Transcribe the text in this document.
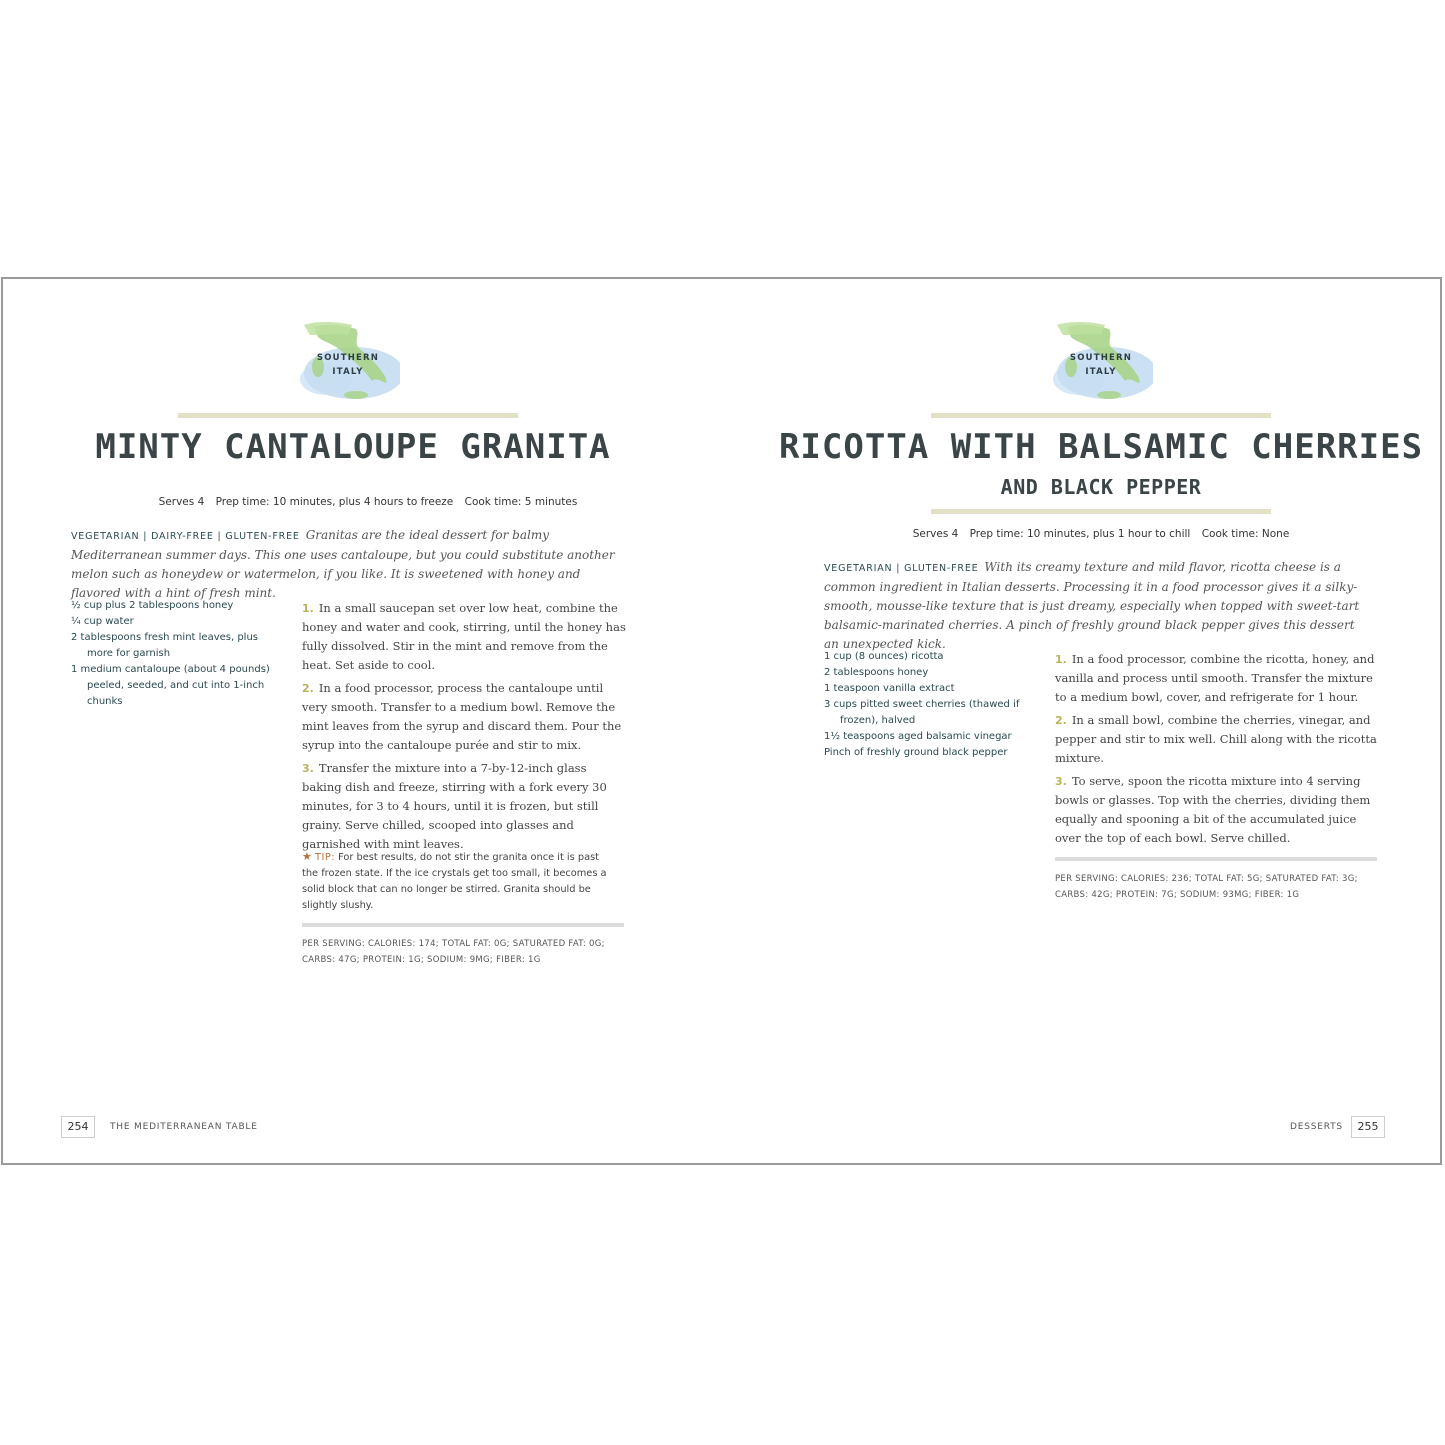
SOUTHERN
ITALY
MINTY CANTALOUPE GRANITA
Serves 4 Prep time: 10 minutes, plus 4 hours to freeze Cook time: 5 minutes
VEGETARIAN | DAIRY-FREE | GLUTEN-FREE Granitas are the ideal dessert for balmy Mediterranean summer days. This one uses cantaloupe, but you could substitute another melon such as honeydew or watermelon, if you like. It is sweetened with honey and flavored with a hint of fresh mint.
½ cup plus 2 tablespoons honey
¼ cup water
2 tablespoons fresh mint leaves, plus more for garnish
1 medium cantaloupe (about 4 pounds) peeled, seeded, and cut into 1-inch chunks
1. In a small saucepan set over low heat, combine the honey and water and cook, stirring, until the honey has fully dissolved. Stir in the mint and remove from the heat. Set aside to cool.
2. In a food processor, process the cantaloupe until very smooth. Transfer to a medium bowl. Remove the mint leaves from the syrup and discard them. Pour the syrup into the cantaloupe purée and stir to mix.
3. Transfer the mixture into a 7-by-12-inch glass baking dish and freeze, stirring with a fork every 30 minutes, for 3 to 4 hours, until it is frozen, but still grainy. Serve chilled, scooped into glasses and garnished with mint leaves.
★ TIP: For best results, do not stir the granita once it is past the frozen state. If the ice crystals get too small, it becomes a solid block that can no longer be stirred. Granita should be slightly slushy.
PER SERVING: CALORIES: 174; TOTAL FAT: 0G; SATURATED FAT: 0G; CARBS: 47G; PROTEIN: 1G; SODIUM: 9MG; FIBER: 1G
254	THE MEDITERRANEAN TABLE
SOUTHERN
ITALY
RICOTTA WITH BALSAMIC CHERRIES
AND BLACK PEPPER
Serves 4 Prep time: 10 minutes, plus 1 hour to chill Cook time: None
VEGETARIAN | GLUTEN-FREE With its creamy texture and mild flavor, ricotta cheese is a common ingredient in Italian desserts. Processing it in a food processor gives it a silky-smooth, mousse-like texture that is just dreamy, especially when topped with sweet-tart balsamic-marinated cherries. A pinch of freshly ground black pepper gives this dessert an unexpected kick.
1 cup (8 ounces) ricotta
2 tablespoons honey
1 teaspoon vanilla extract
3 cups pitted sweet cherries (thawed if frozen), halved
1½ teaspoons aged balsamic vinegar
Pinch of freshly ground black pepper
1. In a food processor, combine the ricotta, honey, and vanilla and process until smooth. Transfer the mixture to a medium bowl, cover, and refrigerate for 1 hour.
2. In a small bowl, combine the cherries, vinegar, and pepper and stir to mix well. Chill along with the ricotta mixture.
3. To serve, spoon the ricotta mixture into 4 serving bowls or glasses. Top with the cherries, dividing them equally and spooning a bit of the accumulated juice over the top of each bowl. Serve chilled.
PER SERVING: CALORIES: 236; TOTAL FAT: 5G; SATURATED FAT: 3G; CARBS: 42G; PROTEIN: 7G; SODIUM: 93MG; FIBER: 1G
DESSERTS	255
